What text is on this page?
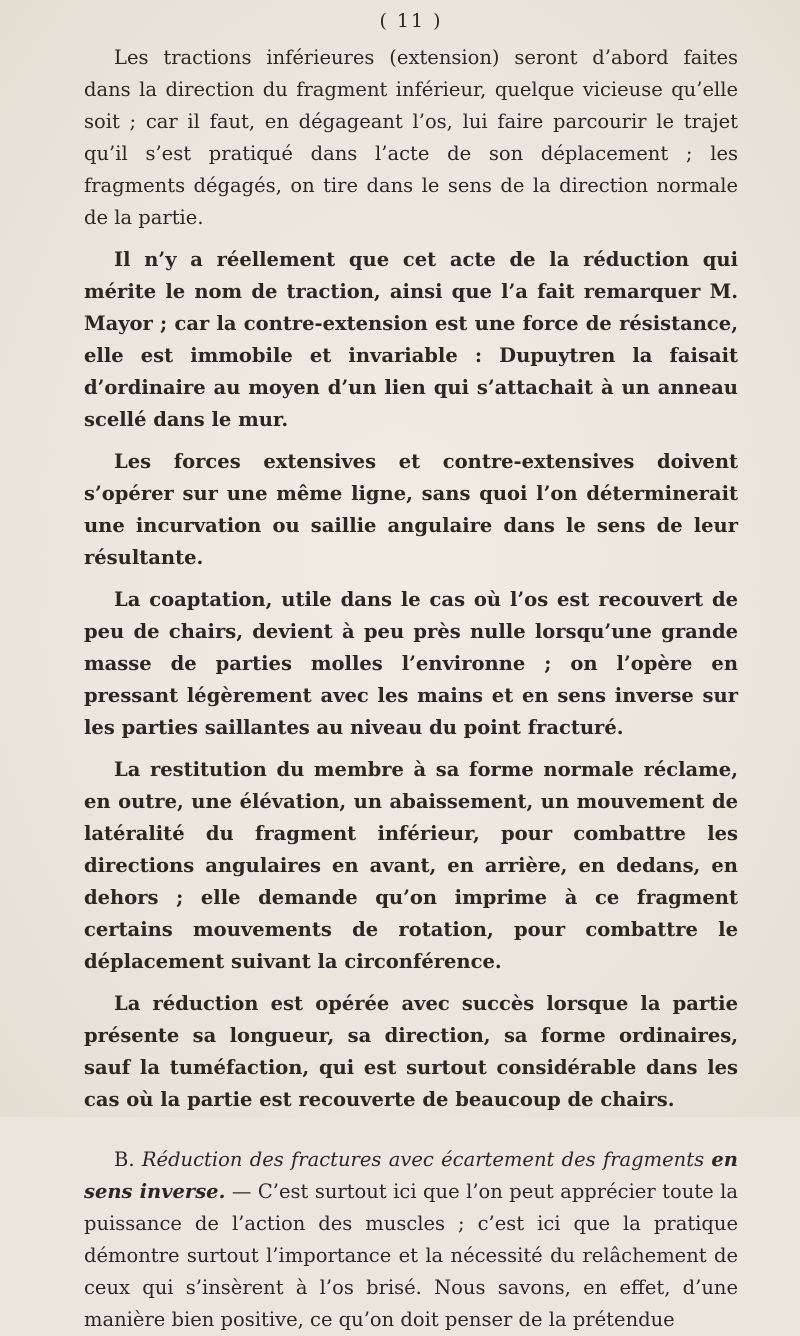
( 11 )

Les tractions inférieures (extension) seront d’abord faites dans la direction du fragment inférieur, quelque vicieuse qu’elle soit ; car il faut, en dégageant l’os, lui faire parcourir le trajet qu’il s’est pratiqué dans l’acte de son déplacement ; les fragments dégagés, on tire dans le sens de la direction normale de la partie.

Il n’y a réellement que cet acte de la réduction qui mérite le nom de traction, ainsi que l’a fait remarquer M. Mayor ; car la contre-extension est une force de résistance, elle est immobile et invariable : Dupuytren la faisait d’ordinaire au moyen d’un lien qui s’attachait à un anneau scellé dans le mur.

Les forces extensives et contre-extensives doivent s’opérer sur une même ligne, sans quoi l’on déterminerait une incurvation ou saillie angulaire dans le sens de leur résultante.

La coaptation, utile dans le cas où l’os est recouvert de peu de chairs, devient à peu près nulle lorsqu’une grande masse de parties molles l’environne ; on l’opère en pressant légèrement avec les mains et en sens inverse sur les parties saillantes au niveau du point fracturé.

La restitution du membre à sa forme normale réclame, en outre, une élévation, un abaissement, un mouvement de latéralité du fragment inférieur, pour combattre les directions angulaires en avant, en arrière, en dedans, en dehors ; elle demande qu’on imprime à ce fragment certains mouvements de rotation, pour combattre le déplacement suivant la circonférence.

La réduction est opérée avec succès lorsque la partie présente sa longueur, sa direction, sa forme ordinaires, sauf la tuméfaction, qui est surtout considérable dans les cas où la partie est recouverte de beaucoup de chairs.

B. Réduction des fractures avec écartement des fragments en sens inverse. — C’est surtout ici que l’on peut apprécier toute la puissance de l’action des muscles ; c’est ici que la pratique démontre surtout l’importance et la nécessité du relâchement de ceux qui s’insèrent à l’os brisé. Nous savons, en effet, d’une manière bien positive, ce qu’on doit penser de la prétendue
